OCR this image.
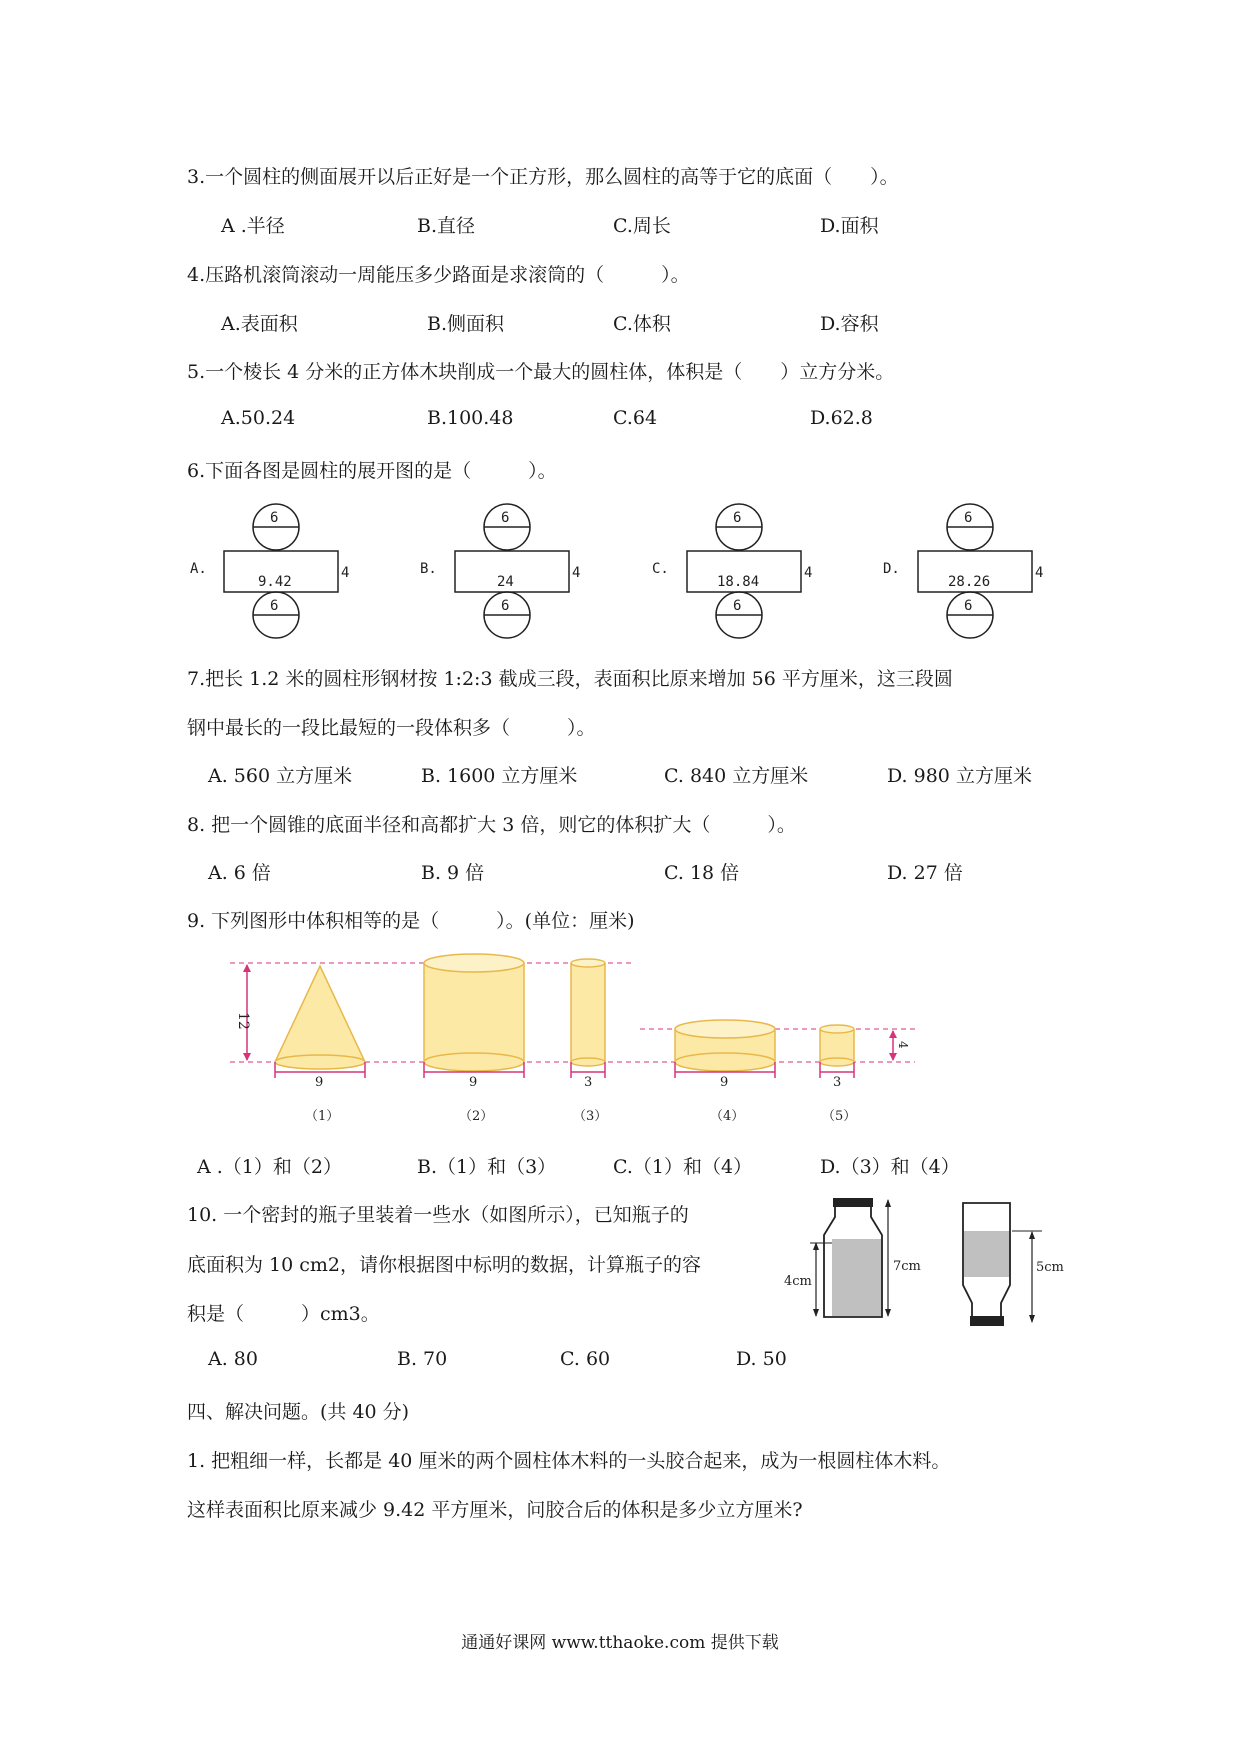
3.一个圆柱的侧面展开以后正好是一个正方形，那么圆柱的高等于它的底面（　　）。
A .半径	B.直径	C.周长	D.面积
4.压路机滚筒滚动一周能压多少路面是求滚筒的（　　　）。
A.表面积	B.侧面积	C.体积	D.容积
5.一个棱长 4 分米的正方体木块削成一个最大的圆柱体，体积是（　　）立方分米。
A.50.24	B.100.48	C.64	D.62.8
6.下面各图是圆柱的展开图的是（　　　）。
A.
6
9.42
4
6
B.
6
24
4
6
C.
6
18.84
4
6
D.
6
28.26
4
6
7.把长 1.2 米的圆柱形钢材按 1:2:3 截成三段，表面积比原来增加 56 平方厘米，这三段圆
钢中最长的一段比最短的一段体积多（　　　）。
A. 560 立方厘米	B. 1600 立方厘米	C. 840 立方厘米	D. 980 立方厘米
8. 把一个圆锥的底面半径和高都扩大 3 倍，则它的体积扩大（　　　）。
A. 6 倍	B. 9 倍	C. 18 倍	D. 27 倍
9. 下列图形中体积相等的是（　　　）。(单位：厘米)
12
4
9	9	3	9	3
（1）	（2）	（3）	（4）	（5）
A .（1）和（2）	B.（1）和（3）	C.（1）和（4）	D.（3）和（4）
10. 一个密封的瓶子里装着一些水（如图所示），已知瓶子的
底面积为 10 cm2，请你根据图中标明的数据，计算瓶子的容
积是（　　　）cm3。
4cm
7cm	5cm
A. 80	B. 70	C. 60	D. 50
四、解决问题。(共 40 分)
1. 把粗细一样，长都是 40 厘米的两个圆柱体木料的一头胶合起来，成为一根圆柱体木料。
这样表面积比原来减少 9.42 平方厘米，问胶合后的体积是多少立方厘米?
通通好课网 www.tthaoke.com 提供下载
